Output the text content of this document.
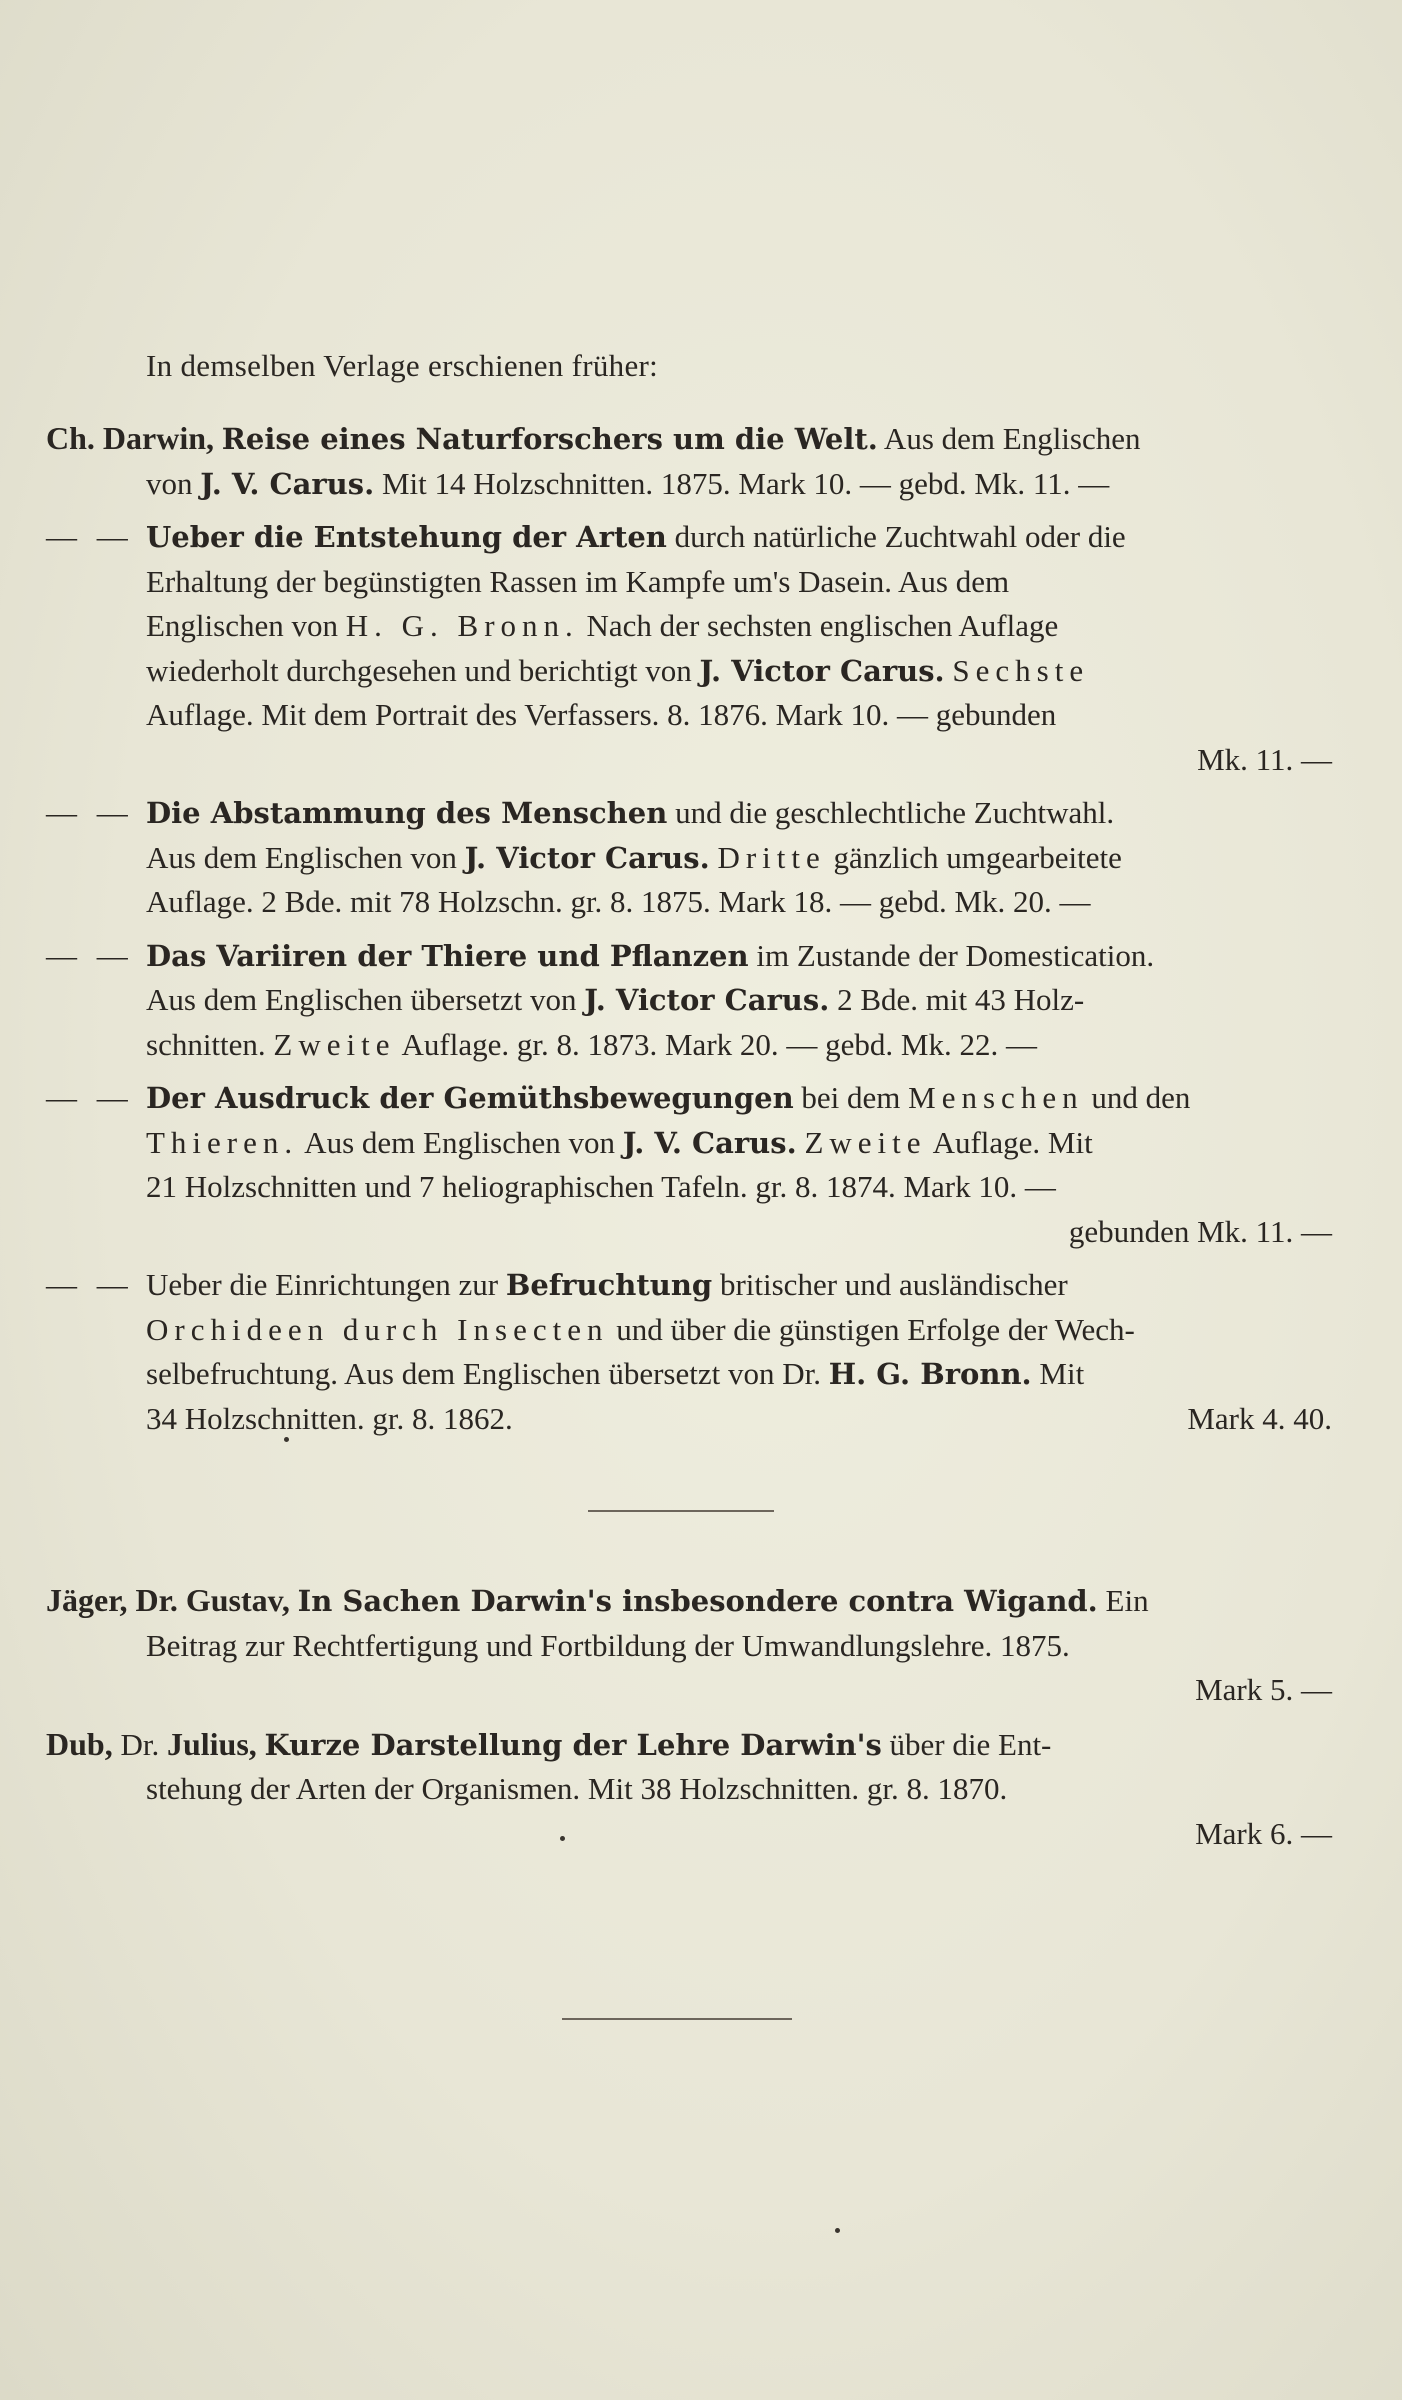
In demselben Verlage erschienen früher:
Ch. Darwin, Reise eines Naturforschers um die Welt. Aus dem Englischen
von J. V. Carus. Mit 14 Holzschnitten. 1875. Mark 10. — gebd. Mk. 11. —
— — Ueber die Entstehung der Arten durch natürliche Zuchtwahl oder die
Erhaltung der begünstigten Rassen im Kampfe um's Dasein. Aus dem
Englischen von H. G. Bronn. Nach der sechsten englischen Auflage
wiederholt durchgesehen und berichtigt von J. Victor Carus. Sechste
Auflage. Mit dem Portrait des Verfassers. 8. 1876. Mark 10. — gebunden
Mk. 11. —
— — Die Abstammung des Menschen und die geschlechtliche Zuchtwahl.
Aus dem Englischen von J. Victor Carus. Dritte gänzlich umgearbeitete
Auflage. 2 Bde. mit 78 Holzschn. gr. 8. 1875. Mark 18. — gebd. Mk. 20. —
— — Das Variiren der Thiere und Pflanzen im Zustande der Domestication.
Aus dem Englischen übersetzt von J. Victor Carus. 2 Bde. mit 43 Holz-
schnitten. Zweite Auflage. gr. 8. 1873. Mark 20. — gebd. Mk. 22. —
— — Der Ausdruck der Gemüthsbewegungen bei dem Menschen und den
Thieren. Aus dem Englischen von J. V. Carus. Zweite Auflage. Mit
21 Holzschnitten und 7 heliographischen Tafeln. gr. 8. 1874. Mark 10. —
gebunden Mk. 11. —
— — Ueber die Einrichtungen zur Befruchtung britischer und ausländischer
Orchideen durch Insecten und über die günstigen Erfolge der Wech-
selbefruchtung. Aus dem Englischen übersetzt von Dr. H. G. Bronn. Mit
34 Holzschnitten. gr. 8. 1862.	Mark 4. 40.
Jäger, Dr. Gustav, In Sachen Darwin's insbesondere contra Wigand. Ein
Beitrag zur Rechtfertigung und Fortbildung der Umwandlungslehre. 1875.
Mark 5. —
Dub, Dr. Julius, Kurze Darstellung der Lehre Darwin's über die Ent-
stehung der Arten der Organismen. Mit 38 Holzschnitten. gr. 8. 1870.
Mark 6. —
